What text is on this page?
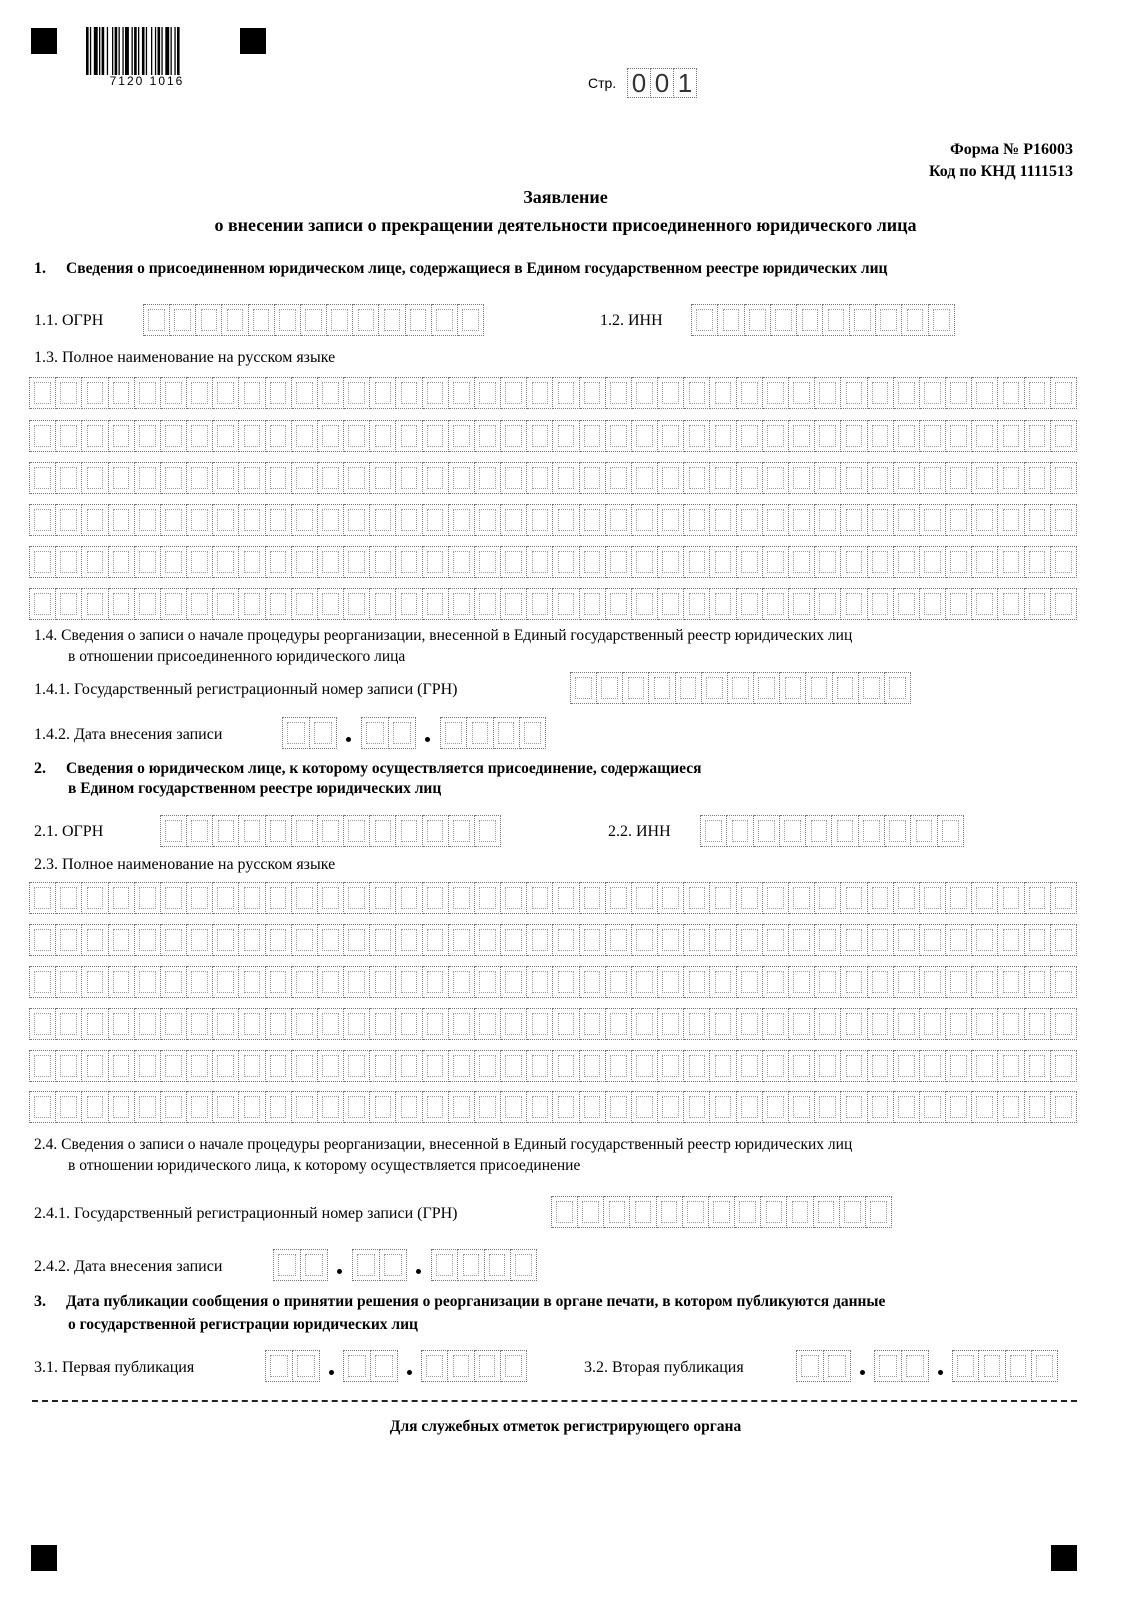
7120 1016	Стр. 0 0 1
Форма № Р16003
Код по КНД 1111513
Заявление
о внесении записи о прекращении деятельности присоединенного юридического лица
1. Сведения о присоединенном юридическом лице, содержащиеся в Едином государственном реестре юридических лиц
1.1. ОГРН	1.2. ИНН
1.3. Полное наименование на русском языке
1.4. Сведения о записи о начале процедуры реорганизации, внесенной в Единый государственный реестр юридических лиц
в отношении присоединенного юридического лица
1.4.1. Государственный регистрационный номер записи (ГРН)
1.4.2. Дата внесения записи
2. Сведения о юридическом лице, к которому осуществляется присоединение, содержащиеся
в Едином государственном реестре юридических лиц
2.1. ОГРН	2.2. ИНН
2.3. Полное наименование на русском языке
2.4. Сведения о записи о начале процедуры реорганизации, внесенной в Единый государственный реестр юридических лиц
в отношении юридического лица, к которому осуществляется присоединение
2.4.1. Государственный регистрационный номер записи (ГРН)
2.4.2. Дата внесения записи
3. Дата публикации сообщения о принятии решения о реорганизации в органе печати, в котором публикуются данные
о государственной регистрации юридических лиц
3.1. Первая публикация	3.2. Вторая публикация
Для служебных отметок регистрирующего органа
